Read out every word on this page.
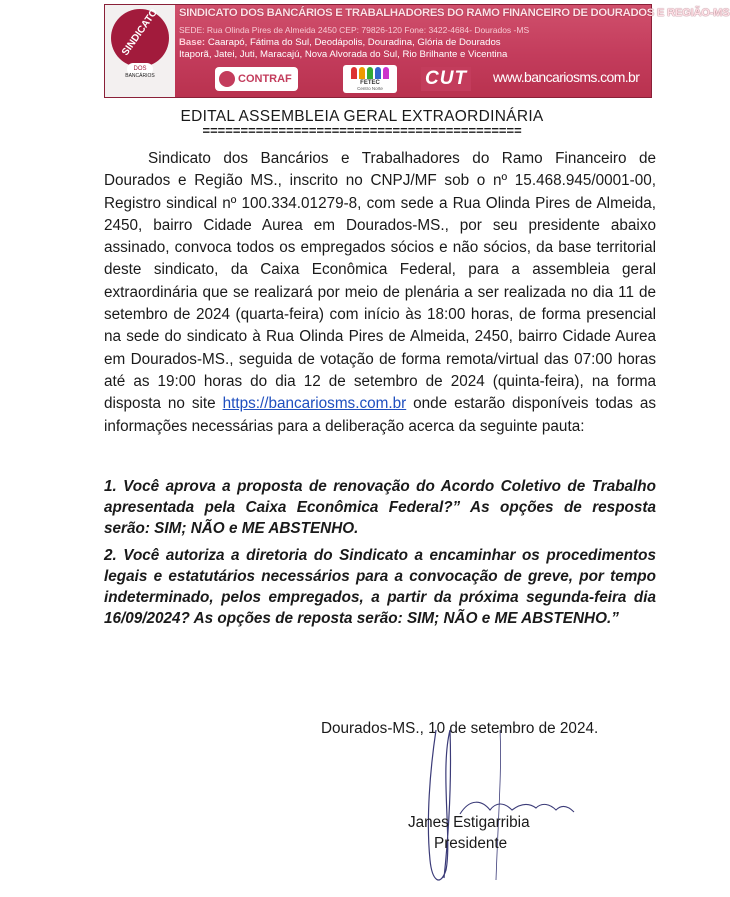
SINDICATO
DOS
BANCÁRIOS
SINDICATO DOS BANCÁRIOS E TRABALHADORES DO RAMO FINANCEIRO DE DOURADOS E REGIÃO-MS
SEDE: Rua Olinda Pires de Almeida 2450 CEP: 79826-120 Fone: 3422-4684- Dourados -MS
Base: Caarapó, Fátima do Sul, Deodápolis, Douradina, Glória de Dourados
Itaporã, Jatei, Juti, Maracajú, Nova Alvorada do Sul, Rio Brilhante e Vicentina
CONTRAF	FETEC
Centro Norte	CUT www.bancariosms.com.br
EDITAL ASSEMBLEIA GERAL EXTRAORDINÁRIA
==========================================
Sindicato dos Bancários e Trabalhadores do Ramo Financeiro de Dourados e Região MS., inscrito no CNPJ/MF sob o nº 15.468.945/0001-00, Registro sindical nº 100.334.01279-8, com sede a Rua Olinda Pires de Almeida, 2450, bairro Cidade Aurea em Dourados-MS., por seu presidente abaixo assinado, convoca todos os empregados sócios e não sócios, da base territorial deste sindicato, da Caixa Econômica Federal, para a assembleia geral extraordinária que se realizará por meio de plenária a ser realizada no dia 11 de setembro de 2024 (quarta-feira) com início às 18:00 horas, de forma presencial na sede do sindicato à Rua Olinda Pires de Almeida, 2450, bairro Cidade Aurea em Dourados-MS., seguida de votação de forma remota/virtual das 07:00 horas até as 19:00 horas do dia 12 de setembro de 2024 (quinta-feira), na forma disposta no site https://bancariosms.com.br onde estarão disponíveis todas as informações necessárias para a deliberação acerca da seguinte pauta:
1. Você aprova a proposta de renovação do Acordo Coletivo de Trabalho apresentada pela Caixa Econômica Federal?” As opções de resposta serão: SIM; NÃO e ME ABSTENHO.
2. Você autoriza a diretoria do Sindicato a encaminhar os procedimentos legais e estatutários necessários para a convocação de greve, por tempo indeterminado, pelos empregados, a partir da próxima segunda-feira dia 16/09/2024? As opções de reposta serão: SIM; NÃO e ME ABSTENHO.”
Dourados-MS., 10 de setembro de 2024.
Janes Estigarribia
Presidente
